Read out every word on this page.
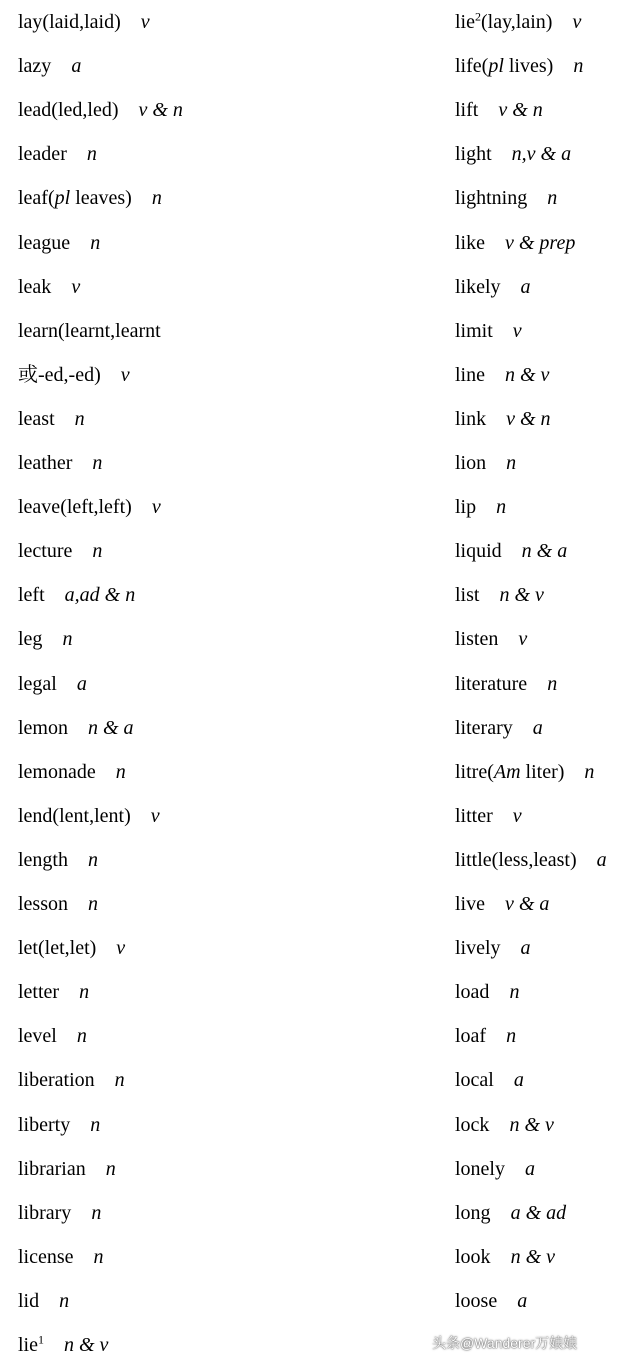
lay(laid,laid) v
lazy a
lead(led,led) v & n
leader n
leaf(pl leaves) n
league n
leak v
learn(learnt,learnt
或-ed,-ed) v
least n
leather n
leave(left,left) v
lecture n
left a,ad & n
leg n
legal a
lemon n & a
lemonade n
lend(lent,lent) v
length n
lesson n
let(let,let) v
letter n
level n
liberation n
liberty n
librarian n
library n
license n
lid n
lie$^1$ n & v
lie$^2$(lay,lain) v
life(pl lives) n
lift v & n
light n,v & a
lightning n
like v & prep
likely a
limit v
line n & v
link v & n
lion n
lip n
liquid n & a
list n & v
listen v
literature n
literary a
litre(Am liter) n
litter v
little(less,least) a
live v & a
lively a
load n
loaf n
local a
lock n & v
lonely a
long a & ad
look n & v
loose a
头条@Wanderer万娘娘
